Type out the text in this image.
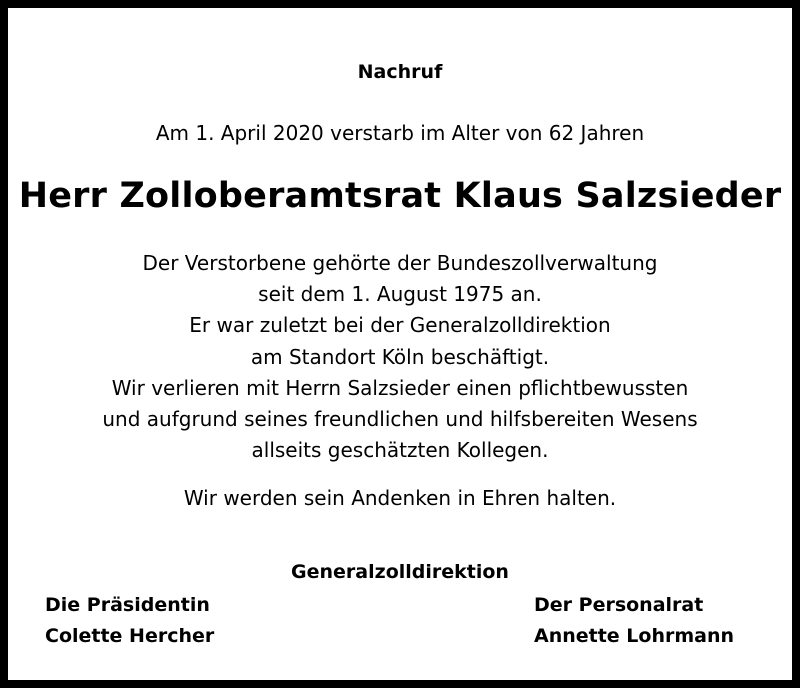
Nachruf
Am 1. April 2020 verstarb im Alter von 62 Jahren
Herr Zolloberamtsrat Klaus Salzsieder
Der Verstorbene gehörte der Bundeszollverwaltung
seit dem 1. August 1975 an.
Er war zuletzt bei der Generalzolldirektion
am Standort Köln beschäftigt.
Wir verlieren mit Herrn Salzsieder einen pflichtbewussten
und aufgrund seines freundlichen und hilfsbereiten Wesens
allseits geschätzten Kollegen.
Wir werden sein Andenken in Ehren halten.
Generalzolldirektion
Die Präsidentin
Colette Hercher
Der Personalrat
Annette Lohrmann
